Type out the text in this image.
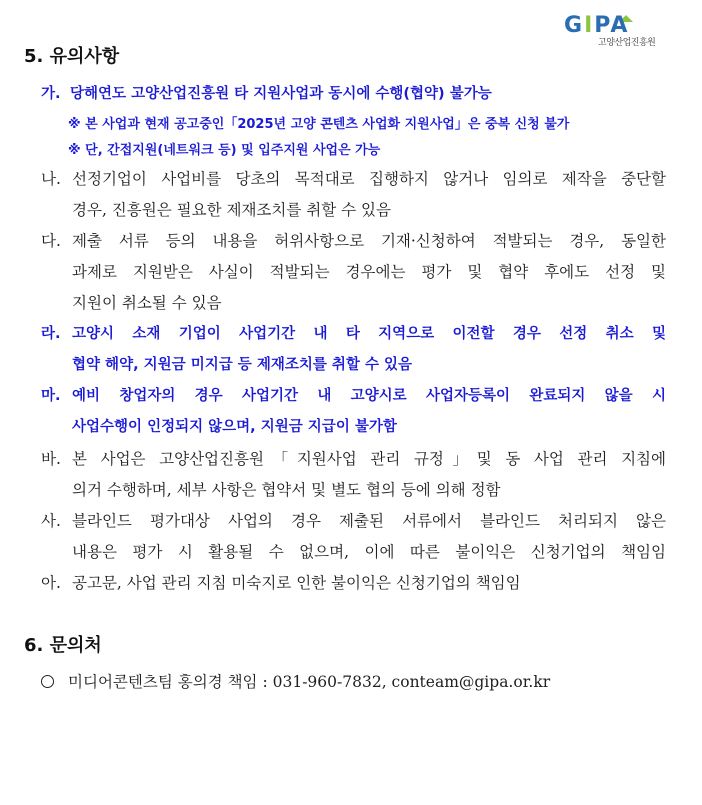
GIPA
고양산업진흥원
5. 유의사항
가. 당해연도 고양산업진흥원 타 지원사업과 동시에 수행(협약) 불가능
※ 본 사업과 현재 공고중인「2025년 고양 콘텐츠 사업화 지원사업」은 중복 신청 불가
※ 단, 간접지원(네트워크 등) 및 입주지원 사업은 가능
나. 선정기업이 사업비를 당초의 목적대로 집행하지 않거나 임의로 제작을 중단할
경우, 진흥원은 필요한 제재조치를 취할 수 있음
다. 제출 서류 등의 내용을 허위사항으로 기재·신청하여 적발되는 경우, 동일한
과제로 지원받은 사실이 적발되는 경우에는 평가 및 협약 후에도 선정 및
지원이 취소될 수 있음
라. 고양시 소재 기업이 사업기간 내 타 지역으로 이전할 경우 선정 취소 및
협약 해약, 지원금 미지급 등 제재조치를 취할 수 있음
마. 예비 창업자의 경우 사업기간 내 고양시로 사업자등록이 완료되지 않을 시
사업수행이 인정되지 않으며, 지원금 지급이 불가함
바. 본 사업은 고양산업진흥원「지원사업 관리 규정」및 동 사업 관리 지침에
의거 수행하며, 세부 사항은 협약서 및 별도 협의 등에 의해 정함
사. 블라인드 평가대상 사업의 경우 제출된 서류에서 블라인드 처리되지 않은
내용은 평가 시 활용될 수 없으며, 이에 따른 불이익은 신청기업의 책임임
아. 공고문, 사업 관리 지침 미숙지로 인한 불이익은 신청기업의 책임임
6. 문의처
미디어콘텐츠팀 홍의경 책임 : 031-960-7832, conteam@gipa.or.kr
